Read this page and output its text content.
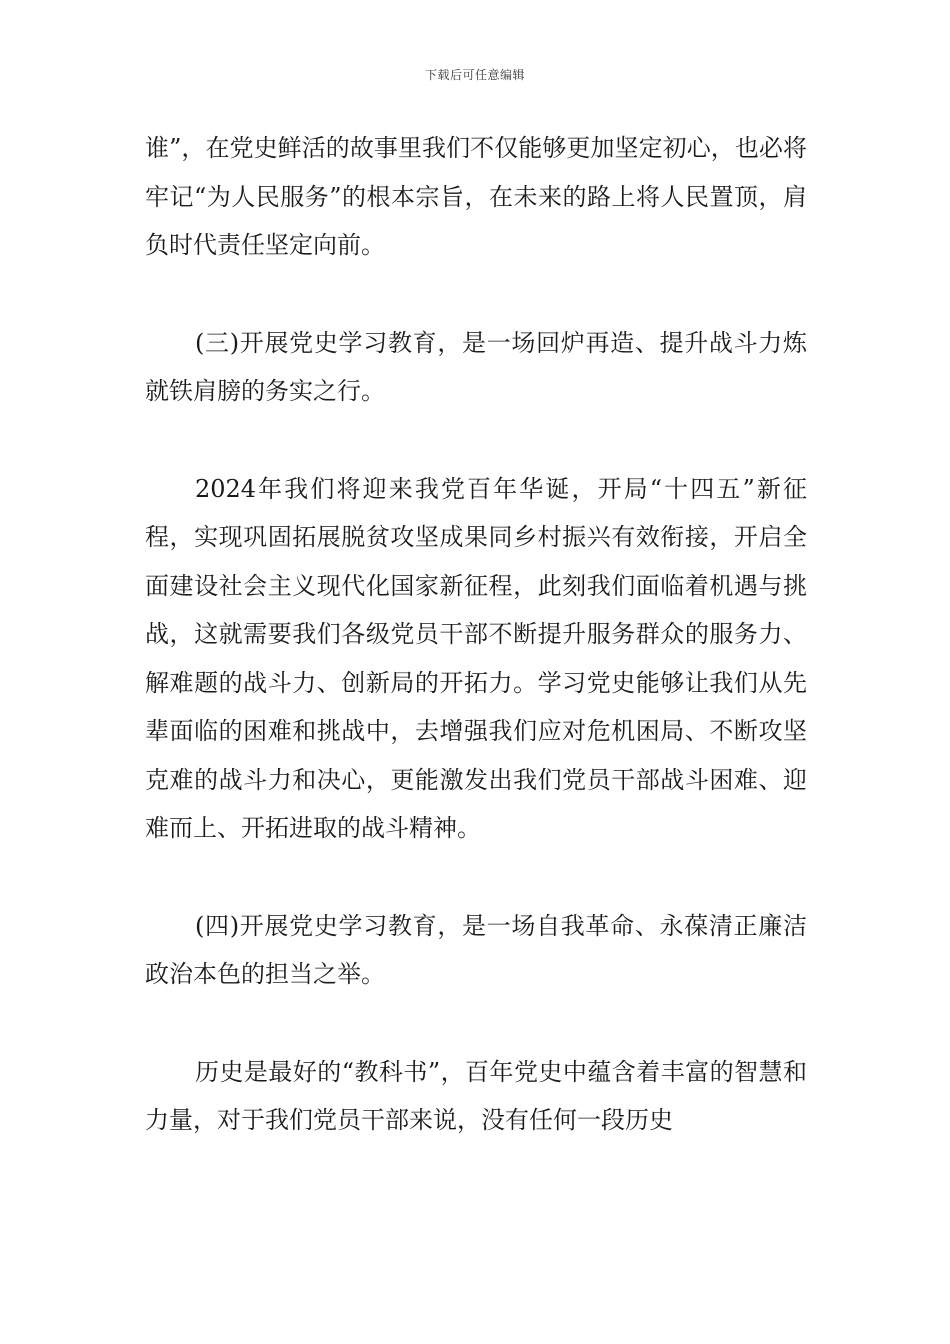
下载后可任意编辑

谁”，在党史鲜活的故事里我们不仅能够更加坚定初心，也必将牢记“为人民服务”的根本宗旨，在未来的路上将人民置顶，肩负时代责任坚定向前。

(三)开展党史学习教育，是一场回炉再造、提升战斗力炼就铁肩膀的务实之行。

2024年我们将迎来我党百年华诞，开局“十四五”新征程，实现巩固拓展脱贫攻坚成果同乡村振兴有效衔接，开启全面建设社会主义现代化国家新征程，此刻我们面临着机遇与挑战，这就需要我们各级党员干部不断提升服务群众的服务力、解难题的战斗力、创新局的开拓力。学习党史能够让我们从先辈面临的困难和挑战中，去增强我们应对危机困局、不断攻坚克难的战斗力和决心，更能激发出我们党员干部战斗困难、迎难而上、开拓进取的战斗精神。

(四)开展党史学习教育，是一场自我革命、永葆清正廉洁政治本色的担当之举。

历史是最好的“教科书”，百年党史中蕴含着丰富的智慧和力量，对于我们党员干部来说，没有任何一段历史
